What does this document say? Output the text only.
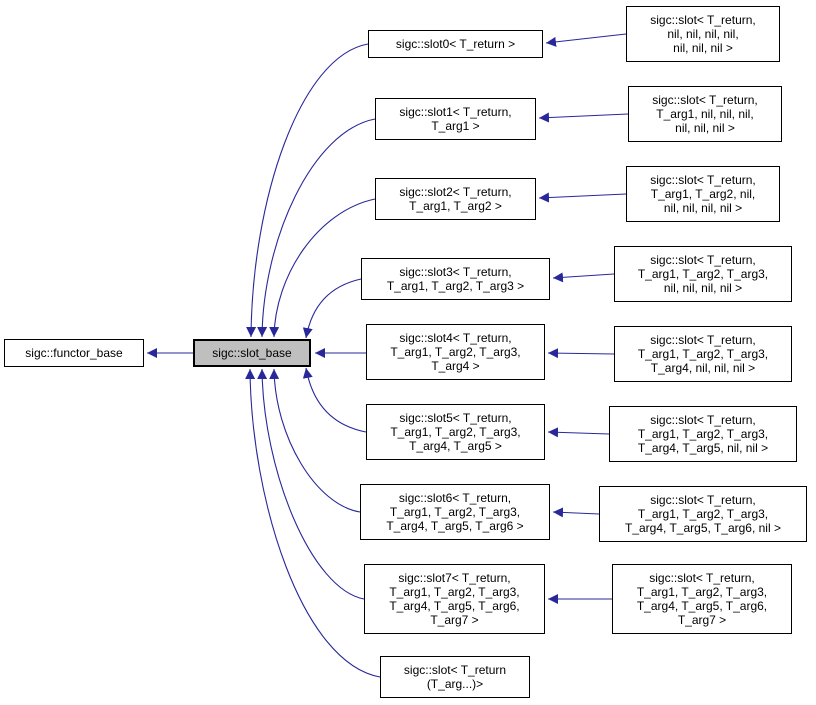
sigc::functor_base	sigc::slot_base
sigc::slot0< T_return >
sigc::slot1< T_return,
T_arg1 >
sigc::slot2< T_return,
T_arg1, T_arg2 >
sigc::slot3< T_return,
T_arg1, T_arg2, T_arg3 >
sigc::slot4< T_return,
T_arg1, T_arg2, T_arg3,
T_arg4 >
sigc::slot5< T_return,
T_arg1, T_arg2, T_arg3,
T_arg4, T_arg5 >
sigc::slot6< T_return,
T_arg1, T_arg2, T_arg3,
T_arg4, T_arg5, T_arg6 >
sigc::slot7< T_return,
T_arg1, T_arg2, T_arg3,
T_arg4, T_arg5, T_arg6,
T_arg7 >
sigc::slot< T_return
(T_arg...)>
sigc::slot< T_return,
nil, nil, nil, nil,
nil, nil, nil >
sigc::slot< T_return,
T_arg1, nil, nil, nil,
nil, nil, nil >
sigc::slot< T_return,
T_arg1, T_arg2, nil,
nil, nil, nil, nil >
sigc::slot< T_return,
T_arg1, T_arg2, T_arg3,
nil, nil, nil, nil >
sigc::slot< T_return,
T_arg1, T_arg2, T_arg3,
T_arg4, nil, nil, nil >
sigc::slot< T_return,
T_arg1, T_arg2, T_arg3,
T_arg4, T_arg5, nil, nil >
sigc::slot< T_return,
T_arg1, T_arg2, T_arg3,
T_arg4, T_arg5, T_arg6, nil >
sigc::slot< T_return,
T_arg1, T_arg2, T_arg3,
T_arg4, T_arg5, T_arg6,
T_arg7 >
